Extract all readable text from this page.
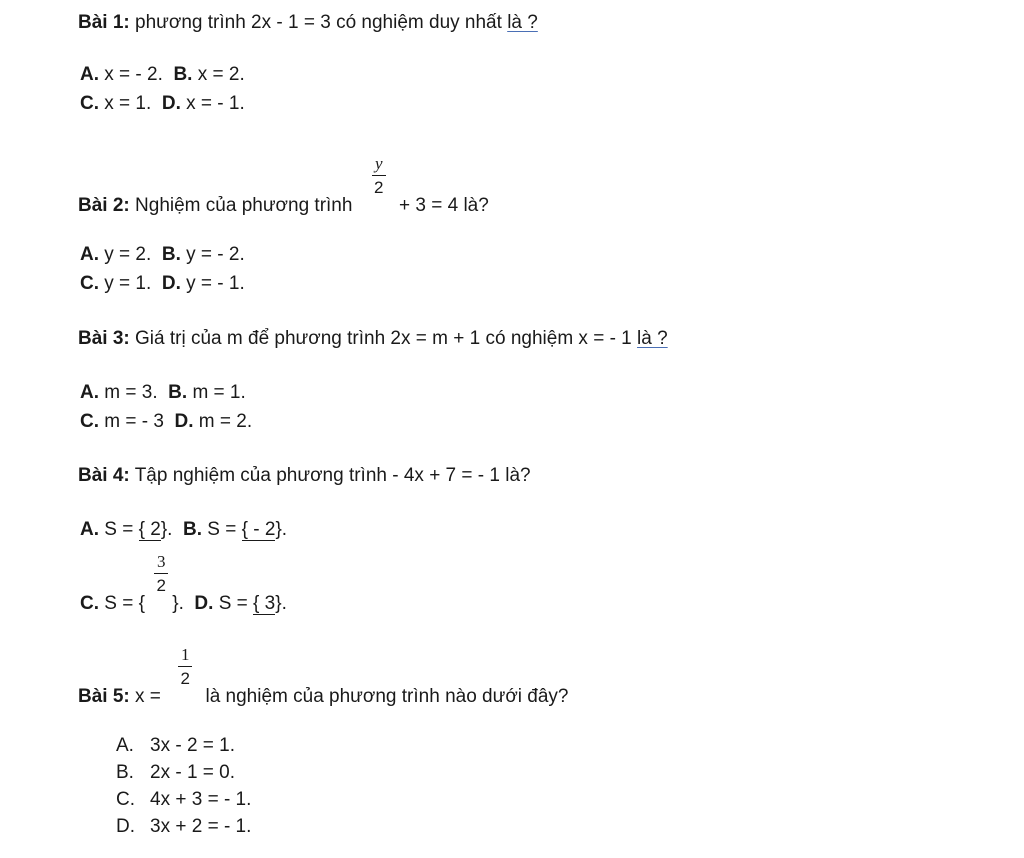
Bài 1: phương trình 2x - 1 = 3 có nghiệm duy nhất là ?
A. x = - 2. B. x = 2.
C. x = 1. D. x = - 1.
Bài 2: Nghiệm của phương trình $\frac{y}{2} + 3 = 4$ là?
A. y = 2. B. y = - 2.
C. y = 1. D. y = - 1.
Bài 3: Giá trị của m để phương trình 2x = m + 1 có nghiệm x = - 1 là ?
A. m = 3. B. m = 1.
C. m = - 3 D. m = 2.
Bài 4: Tập nghiệm của phương trình - 4x + 7 = - 1 là?
A. S = { 2}. B. S = { - 2}.
C. S = { $\frac{3}{2}$ }. D. S = { 3}.
Bài 5: $x = \frac{1}{2}$ là nghiệm của phương trình nào dưới đây?
A. 3x - 2 = 1.
B. 2x - 1 = 0.
C. 4x + 3 = - 1.
D. 3x + 2 = - 1.
